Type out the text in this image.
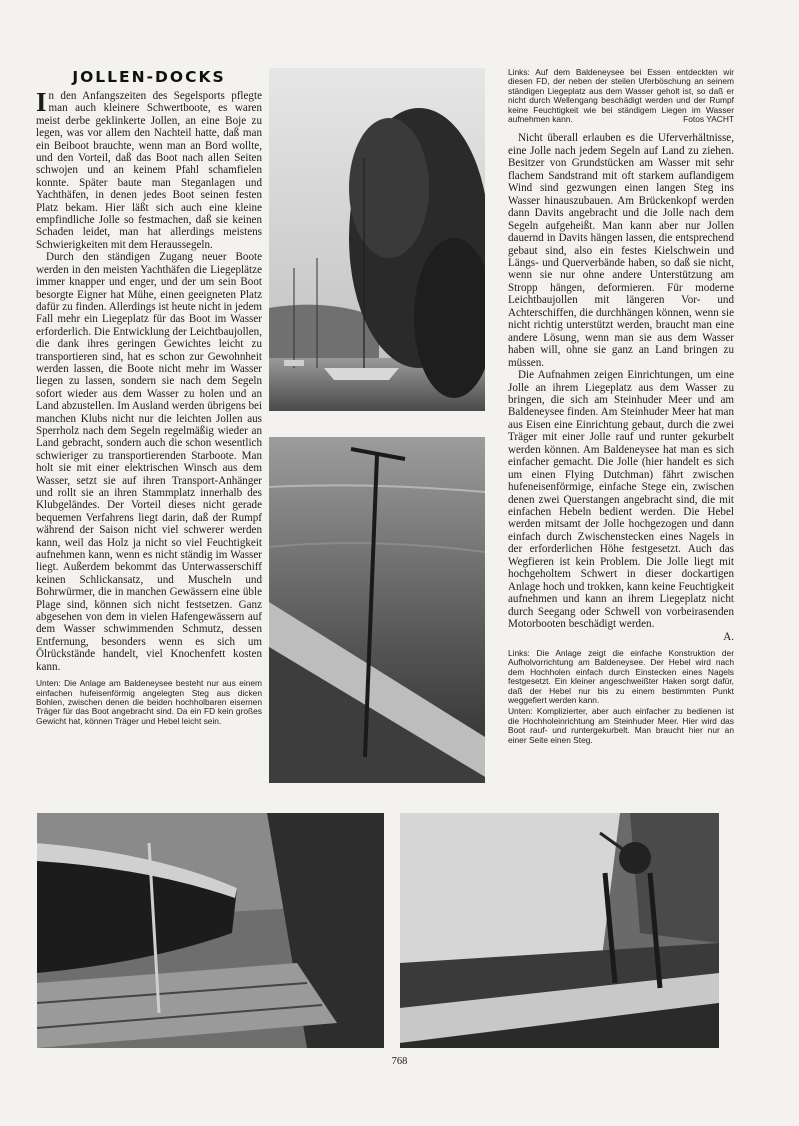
JOLLEN-DOCKS

In den Anfangszeiten des Segelsports pflegte man auch kleinere Schwertboote, es waren meist derbe geklinkerte Jollen, an eine Boje zu legen, was vor allem den Nachteil hatte, daß man ein Beiboot brauchte, wenn man an Bord wollte, und den Vorteil, daß das Boot nach allen Seiten schwojen und an keinem Pfahl schamfielen konnte. Später baute man Steganlagen und Yachthäfen, in denen jedes Boot seinen festen Platz bekam. Hier läßt sich auch eine kleine empfindliche Jolle so festmachen, daß sie keinen Schaden leidet, man hat allerdings meistens Schwierigkeiten mit dem Heraussegeln.

Durch den ständigen Zugang neuer Boote werden in den meisten Yachthäfen die Liegeplätze immer knapper und enger, und der um sein Boot besorgte Eigner hat Mühe, einen geeigneten Platz dafür zu finden. Allerdings ist heute nicht in jedem Fall mehr ein Liegeplatz für das Boot im Wasser erforderlich. Die Entwicklung der Leichtbaujollen, die dank ihres geringen Gewichtes leicht zu transportieren sind, hat es schon zur Gewohnheit werden lassen, die Boote nicht mehr im Wasser liegen zu lassen, sondern sie nach dem Segeln sofort wieder aus dem Wasser zu holen und an Land abzustellen. Im Ausland werden übrigens bei manchen Klubs nicht nur die leichten Jollen aus Sperrholz nach dem Segeln regelmäßig wieder an Land gebracht, sondern auch die schon wesentlich schwieriger zu transportierenden Starboote. Man holt sie mit einer elektrischen Winsch aus dem Wasser, setzt sie auf ihren Transport-Anhänger und rollt sie an ihren Stammplatz innerhalb des Klubgeländes. Der Vorteil dieses nicht gerade bequemen Verfahrens liegt darin, daß der Rumpf während der Saison nicht viel schwerer werden kann, weil das Holz ja nicht so viel Feuchtigkeit aufnehmen kann, wenn es nicht ständig im Wasser liegt. Außerdem bekommt das Unterwasserschiff keinen Schlickansatz, und Muscheln und Bohrwürmer, die in manchen Gewässern eine üble Plage sind, können sich nicht festsetzen. Ganz abgesehen von dem in vielen Hafengewässern auf dem Wasser schwimmenden Schmutz, dessen Entfernung, besonders wenn es sich um Ölrückstände handelt, viel Knochenfett kosten kann.

Unten: Die Anlage am Baldeneysee besteht nur aus einem einfachen hufeisenförmig angelegten Steg aus dicken Bohlen, zwischen denen die beiden hochholbaren eisernen Träger für das Boot angebracht sind. Da ein FD kein großes Gewicht hat, können Träger und Hebel leicht sein.

Links: Auf dem Baldeneysee bei Essen entdeckten wir diesen FD, der neben der steilen Uferböschung an seinem ständigen Liegeplatz aus dem Wasser geholt ist, so daß er nicht durch Wellengang beschädigt werden und der Rumpf keine Feuchtigkeit wie bei ständigem Liegen im Wasser aufnehmen kann.	Fotos YACHT

Nicht überall erlauben es die Uferverhältnisse, eine Jolle nach jedem Segeln auf Land zu ziehen. Besitzer von Grundstücken am Wasser mit sehr flachem Sandstrand mit oft starkem auflandigem Wind sind gezwungen einen langen Steg ins Wasser hinauszubauen. Am Brückenkopf werden dann Davits angebracht und die Jolle nach dem Segeln aufgeheißt. Man kann aber nur Jollen dauernd in Davits hängen lassen, die entsprechend gebaut sind, also ein festes Kielschwein und Längs- und Querverbände haben, so daß sie nicht, wenn sie nur ohne andere Unterstützung am Stropp hängen, deformieren. Für moderne Leichtbaujollen mit längeren Vor- und Achterschiffen, die durchhängen können, wenn sie nicht richtig unterstützt werden, braucht man eine andere Lösung, wenn man sie aus dem Wasser haben will, ohne sie ganz an Land bringen zu müssen.

Die Aufnahmen zeigen Einrichtungen, um eine Jolle an ihrem Liegeplatz aus dem Wasser zu bringen, die sich am Steinhuder Meer und am Baldeneysee finden. Am Steinhuder Meer hat man aus Eisen eine Einrichtung gebaut, durch die zwei Träger mit einer Jolle rauf und runter gekurbelt werden können. Am Baldeneysee hat man es sich einfacher gemacht. Die Jolle (hier handelt es sich um einen Flying Dutchman) fährt zwischen hufeneisenförmige, einfache Stege ein, zwischen denen zwei Querstangen angebracht sind, die mit einfachen Hebeln bedient werden. Die Hebel werden mitsamt der Jolle hochgezogen und dann einfach durch Zwischenstecken eines Nagels in der erforderlichen Höhe festgesetzt. Auch das Wegfieren ist kein Problem. Die Jolle liegt mit hochgeholtem Schwert in dieser dockartigen Anlage hoch und trokken, kann keine Feuchtigkeit aufnehmen und kann an ihrem Liegeplatz nicht durch Seegang oder Schwell von vorbeirasenden Motorbooten beschädigt werden.

A.

Links: Die Anlage zeigt die einfache Konstruktion der Aufholvorrichtung am Baldeneysee. Der Hebel wird nach dem Hochholen einfach durch Einstecken eines Nagels festgesetzt. Ein kleiner angeschweißter Haken sorgt dafür, daß der Hebel nur bis zu einem bestimmten Punkt weggefiert werden kann.

Unten: Komplizierter, aber auch einfacher zu bedienen ist die Hochholeinrichtung am Steinhuder Meer. Hier wird das Boot rauf- und runtergekurbelt. Man braucht hier nur an einer Seite einen Steg.

768
